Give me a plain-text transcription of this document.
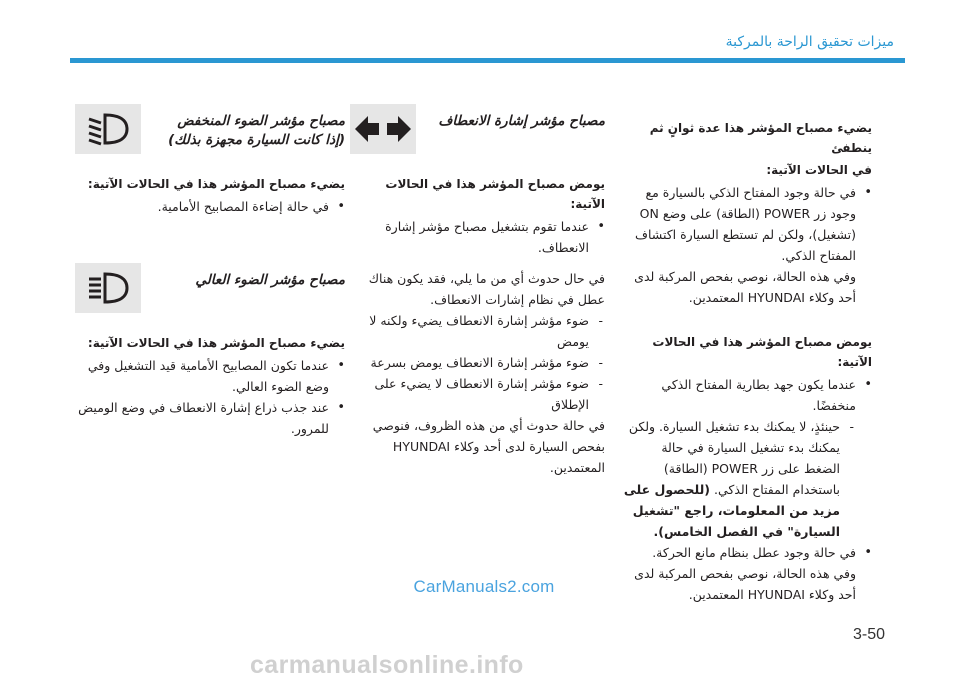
ميزات تحقيق الراحة بالمركبة
يضيء مصباح المؤشر هذا عدة ثوانٍ ثم ينطفئ
في الحالات الآتية:
• في حالة وجود المفتاح الذكي بالسيارة مع وجود زر POWER (الطاقة) على وضع ON (تشغيل)، ولكن لم تستطع السيارة اكتشاف المفتاح الذكي.

وفي هذه الحالة، نوصي بفحص المركبة لدى أحد وكلاء HYUNDAI المعتمدين.

يومض مصباح المؤشر هذا في الحالات الآتية:
• عندما يكون جهد بطارية المفتاح الذكي منخفضًا.
- حينئذٍ، لا يمكنك بدء تشغيل السيارة. ولكن يمكنك بدء تشغيل السيارة في حالة الضغط على زر POWER (الطاقة) باستخدام المفتاح الذكي. (للحصول على مزيد من المعلومات، راجع "تشغيل السيارة" في الفصل الخامس).
• في حالة وجود عطل بنظام مانع الحركة.

وفي هذه الحالة، نوصي بفحص المركبة لدى أحد وكلاء HYUNDAI المعتمدين.

مصباح مؤشر إشارة الانعطاف
يومض مصباح المؤشر هذا في الحالات الآتية:
• عندما تقوم بتشغيل مصباح مؤشر إشارة الانعطاف.

في حال حدوث أي من ما يلي، فقد يكون هناك عطل في نظام إشارات الانعطاف.

- ضوء مؤشر إشارة الانعطاف يضيء ولكنه لا يومض
- ضوء مؤشر إشارة الانعطاف يومض بسرعة
- ضوء مؤشر إشارة الانعطاف لا يضيء على الإطلاق

في حالة حدوث أي من هذه الظروف، فنوصي بفحص السيارة لدى أحد وكلاء HYUNDAI المعتمدين.

مصباح مؤشر الضوء المنخفض
(إذا كانت السيارة مجهزة بذلك)
يضيء مصباح المؤشر هذا في الحالات الآتية:
• في حالة إضاءة المصابيح الأمامية.
مصباح مؤشر الضوء العالي
يضيء مصباح المؤشر هذا في الحالات الآتية:
• عندما تكون المصابيح الأمامية قيد التشغيل وفي وضع الضوء العالي.
• عند جذب ذراع إشارة الانعطاف في وضع الوميض للمرور.
CarManuals2.com
3-50
carmanualsonline.info
